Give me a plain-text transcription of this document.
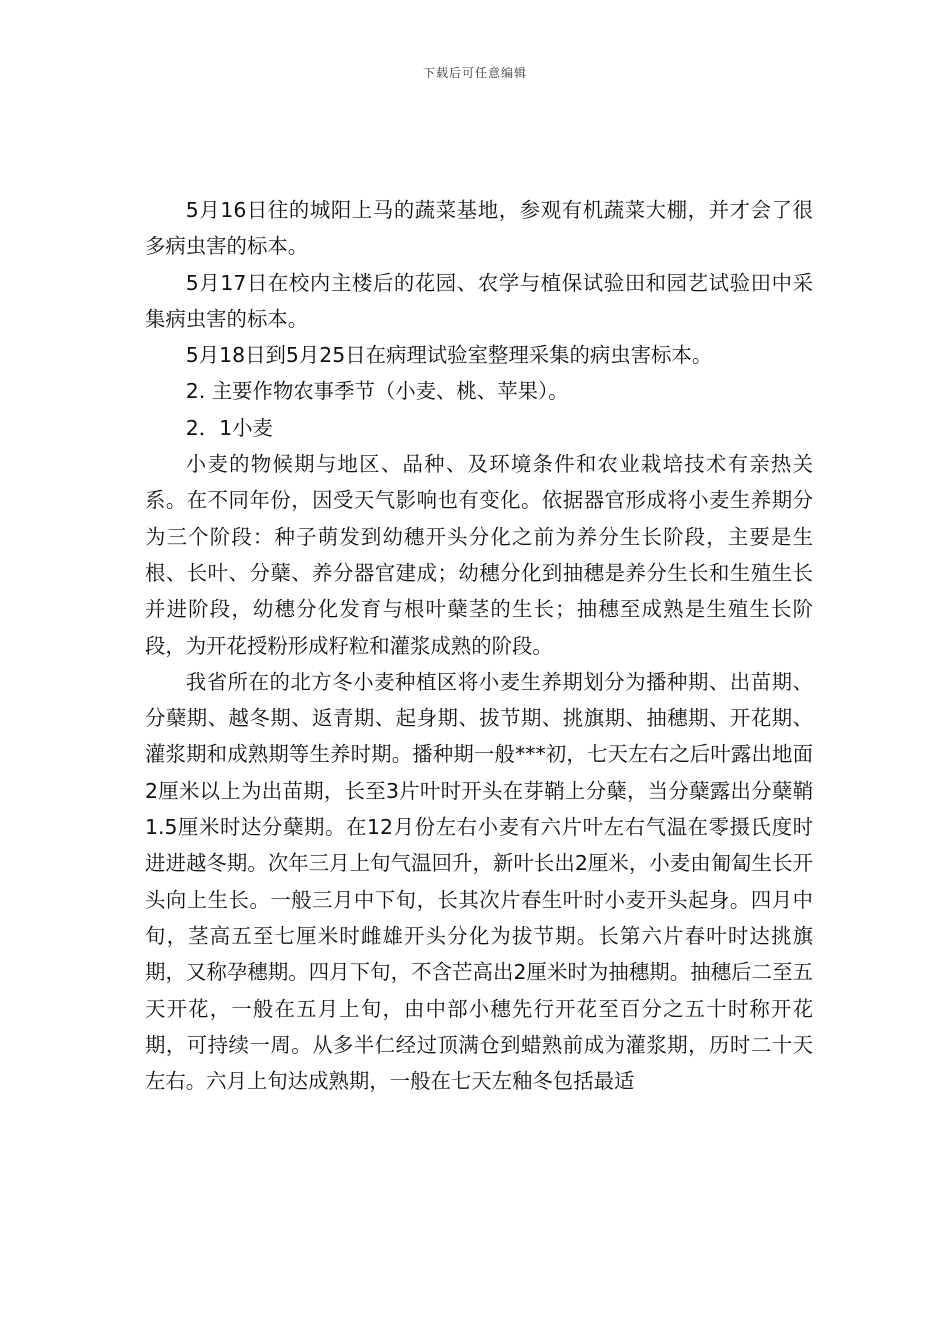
下载后可任意编辑

5月16日往的城阳上马的蔬菜基地，参观有机蔬菜大棚，并才会了很多病虫害的标本。

5月17日在校内主楼后的花园、农学与植保试验田和园艺试验田中采集病虫害的标本。

5月18日到5月25日在病理试验室整理采集的病虫害标本。

2. 主要作物农事季节（小麦、桃、苹果）。

2．1小麦

小麦的物候期与地区、品种、及环境条件和农业栽培技术有亲热关系。在不同年份，因受天气影响也有变化。依据器官形成将小麦生养期分为三个阶段：种子萌发到幼穗开头分化之前为养分生长阶段，主要是生根、长叶、分蘖、养分器官建成；幼穗分化到抽穗是养分生长和生殖生长并进阶段，幼穗分化发育与根叶蘖茎的生长；抽穗至成熟是生殖生长阶段，为开花授粉形成籽粒和灌浆成熟的阶段。

我省所在的北方冬小麦种植区将小麦生养期划分为播种期、出苗期、分蘖期、越冬期、返青期、起身期、拔节期、挑旗期、抽穗期、开花期、灌浆期和成熟期等生养时期。播种期一般***初，七天左右之后叶露出地面2厘米以上为出苗期，长至3片叶时开头在芽鞘上分蘖，当分蘖露出分蘖鞘1.5厘米时达分蘖期。在12月份左右小麦有六片叶左右气温在零摄氏度时进进越冬期。次年三月上旬气温回升，新叶长出2厘米，小麦由匍匐生长开头向上生长。一般三月中下旬，长其次片春生叶时小麦开头起身。四月中旬，茎高五至七厘米时雌雄开头分化为拔节期。长第六片春叶时达挑旗期，又称孕穗期。四月下旬，不含芒高出2厘米时为抽穗期。抽穗后二至五天开花，一般在五月上旬，由中部小穗先行开花至百分之五十时称开花期，可持续一周。从多半仁经过顶满仓到蜡熟前成为灌浆期，历时二十天左右。六月上旬达成熟期，一般在七天左釉冬包括最适
